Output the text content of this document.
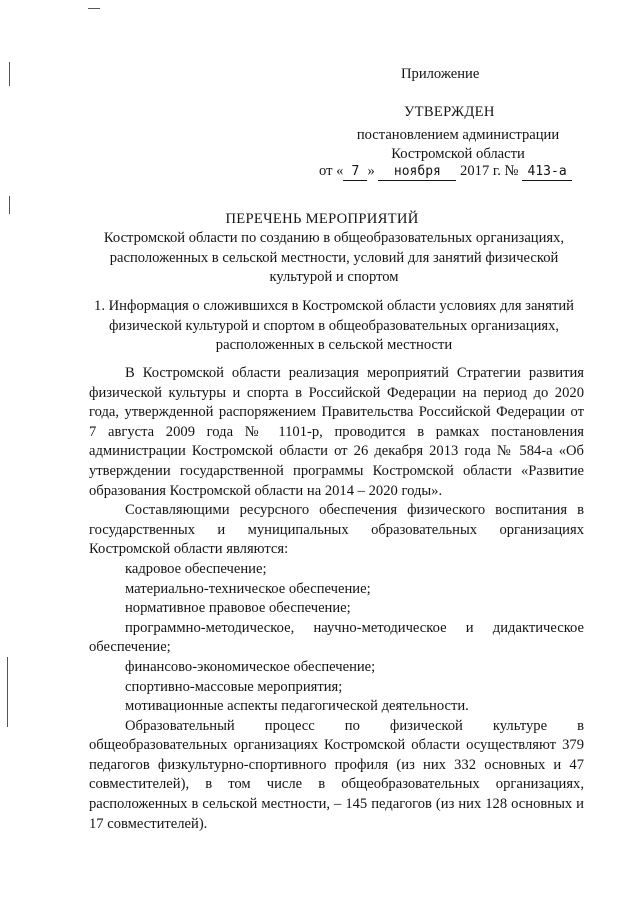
Приложение
УТВЕРЖДЕН
постановлением администрации
Костромской области
от « 7 » ноября 2017 г. № 413-а
ПЕРЕЧЕНЬ МЕРОПРИЯТИЙ
Костромской области по созданию в общеобразовательных организациях, расположенных в сельской местности, условий для занятий физической культурой и спортом
1. Информация о сложившихся в Костромской области условиях для занятий физической культурой и спортом в общеобразовательных организациях, расположенных в сельской местности

В Костромской области реализация мероприятий Стратегии развития физической культуры и спорта в Российской Федерации на период до 2020 года, утвержденной распоряжением Правительства Российской Федерации от 7 августа 2009 года № 1101-р, проводится в рамках постановления администрации Костромской области от 26 декабря 2013 года № 584-а «Об утверждении государственной программы Костромской области «Развитие образования Костромской области на 2014 – 2020 годы».

Составляющими ресурсного обеспечения физического воспитания в государственных и муниципальных образовательных организациях Костромской области являются:

кадровое обеспечение;

материально-техническое обеспечение;

нормативное правовое обеспечение;

программно-методическое, научно-методическое и дидактическое обеспечение;

финансово-экономическое обеспечение;

спортивно-массовые мероприятия;

мотивационные аспекты педагогической деятельности.

Образовательный процесс по физической культуре в общеобразовательных организациях Костромской области осуществляют 379 педагогов физкультурно-спортивного профиля (из них 332 основных и 47 совместителей), в том числе в общеобразовательных организациях, расположенных в сельской местности, – 145 педагогов (из них 128 основных и 17 совместителей).
